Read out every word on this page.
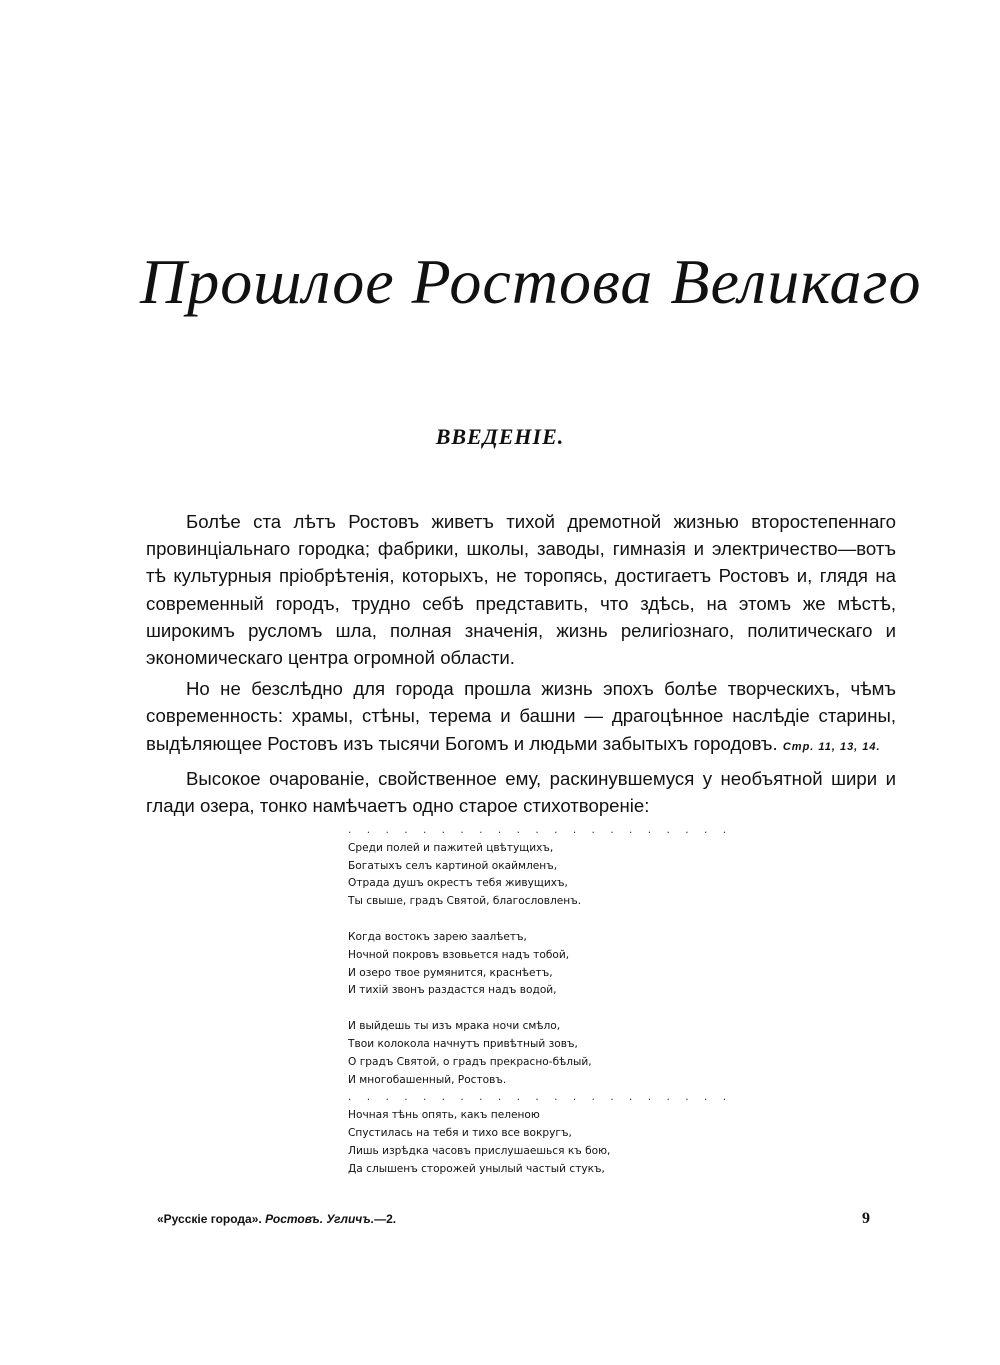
Прошлое Ростова Великаго
ВВЕДЕНІЕ.

Болѣе ста лѣтъ Ростовъ живетъ тихой дремотной жизнью второстепеннаго провинціальнаго городка; фабрики, школы, заводы, гимназія и электричество—вотъ тѣ культурныя пріобрѣтенія, которыхъ, не торопясь, достигаетъ Ростовъ и, глядя на современный городъ, трудно себѣ представить, что здѣсь, на этомъ же мѣстѣ, широкимъ русломъ шла, полная значенія, жизнь религіознаго, политическаго и экономическаго центра огромной области.

Но не безслѣдно для города прошла жизнь эпохъ болѣе творческихъ, чѣмъ современность: храмы, стѣны, терема и башни — драгоцѣнное наслѣдіе старины, выдѣляющее Ростовъ изъ тысячи Богомъ и людьми забытыхъ городовъ. Стр. 11, 13, 14.

Высокое очарованіе, свойственное ему, раскинувшемуся у необъятной шири и глади озера, тонко намѣчаетъ одно старое стихотвореніе:

. . . . . . . . . . . . . . . . . . . . .
Среди полей и пажитей цвѣтущихъ,
Богатыхъ селъ картиной окаймленъ,
Отрада душъ окрестъ тебя живущихъ,
Ты свыше, градъ Святой, благословленъ.
Когда востокъ зарею заалѣетъ,
Ночной покровъ взовьется надъ тобой,
И озеро твое румянится, краснѣетъ,
И тихій звонъ раздастся надъ водой,
И выйдешь ты изъ мрака ночи смѣло,
Твои колокола начнутъ привѣтный зовъ,
О градъ Святой, о градъ прекрасно-бѣлый,
И многобашенный, Ростовъ.
. . . . . . . . . . . . . . . . . . . . .
Ночная тѣнь опять, какъ пеленою
Спустилась на тебя и тихо все вокругъ,
Лишь изрѣдка часовъ прислушаешься къ бою,
Да слышенъ сторожей унылый частый стукъ,
«Русскіе города». Ростовъ. Угличъ.—2.	9
